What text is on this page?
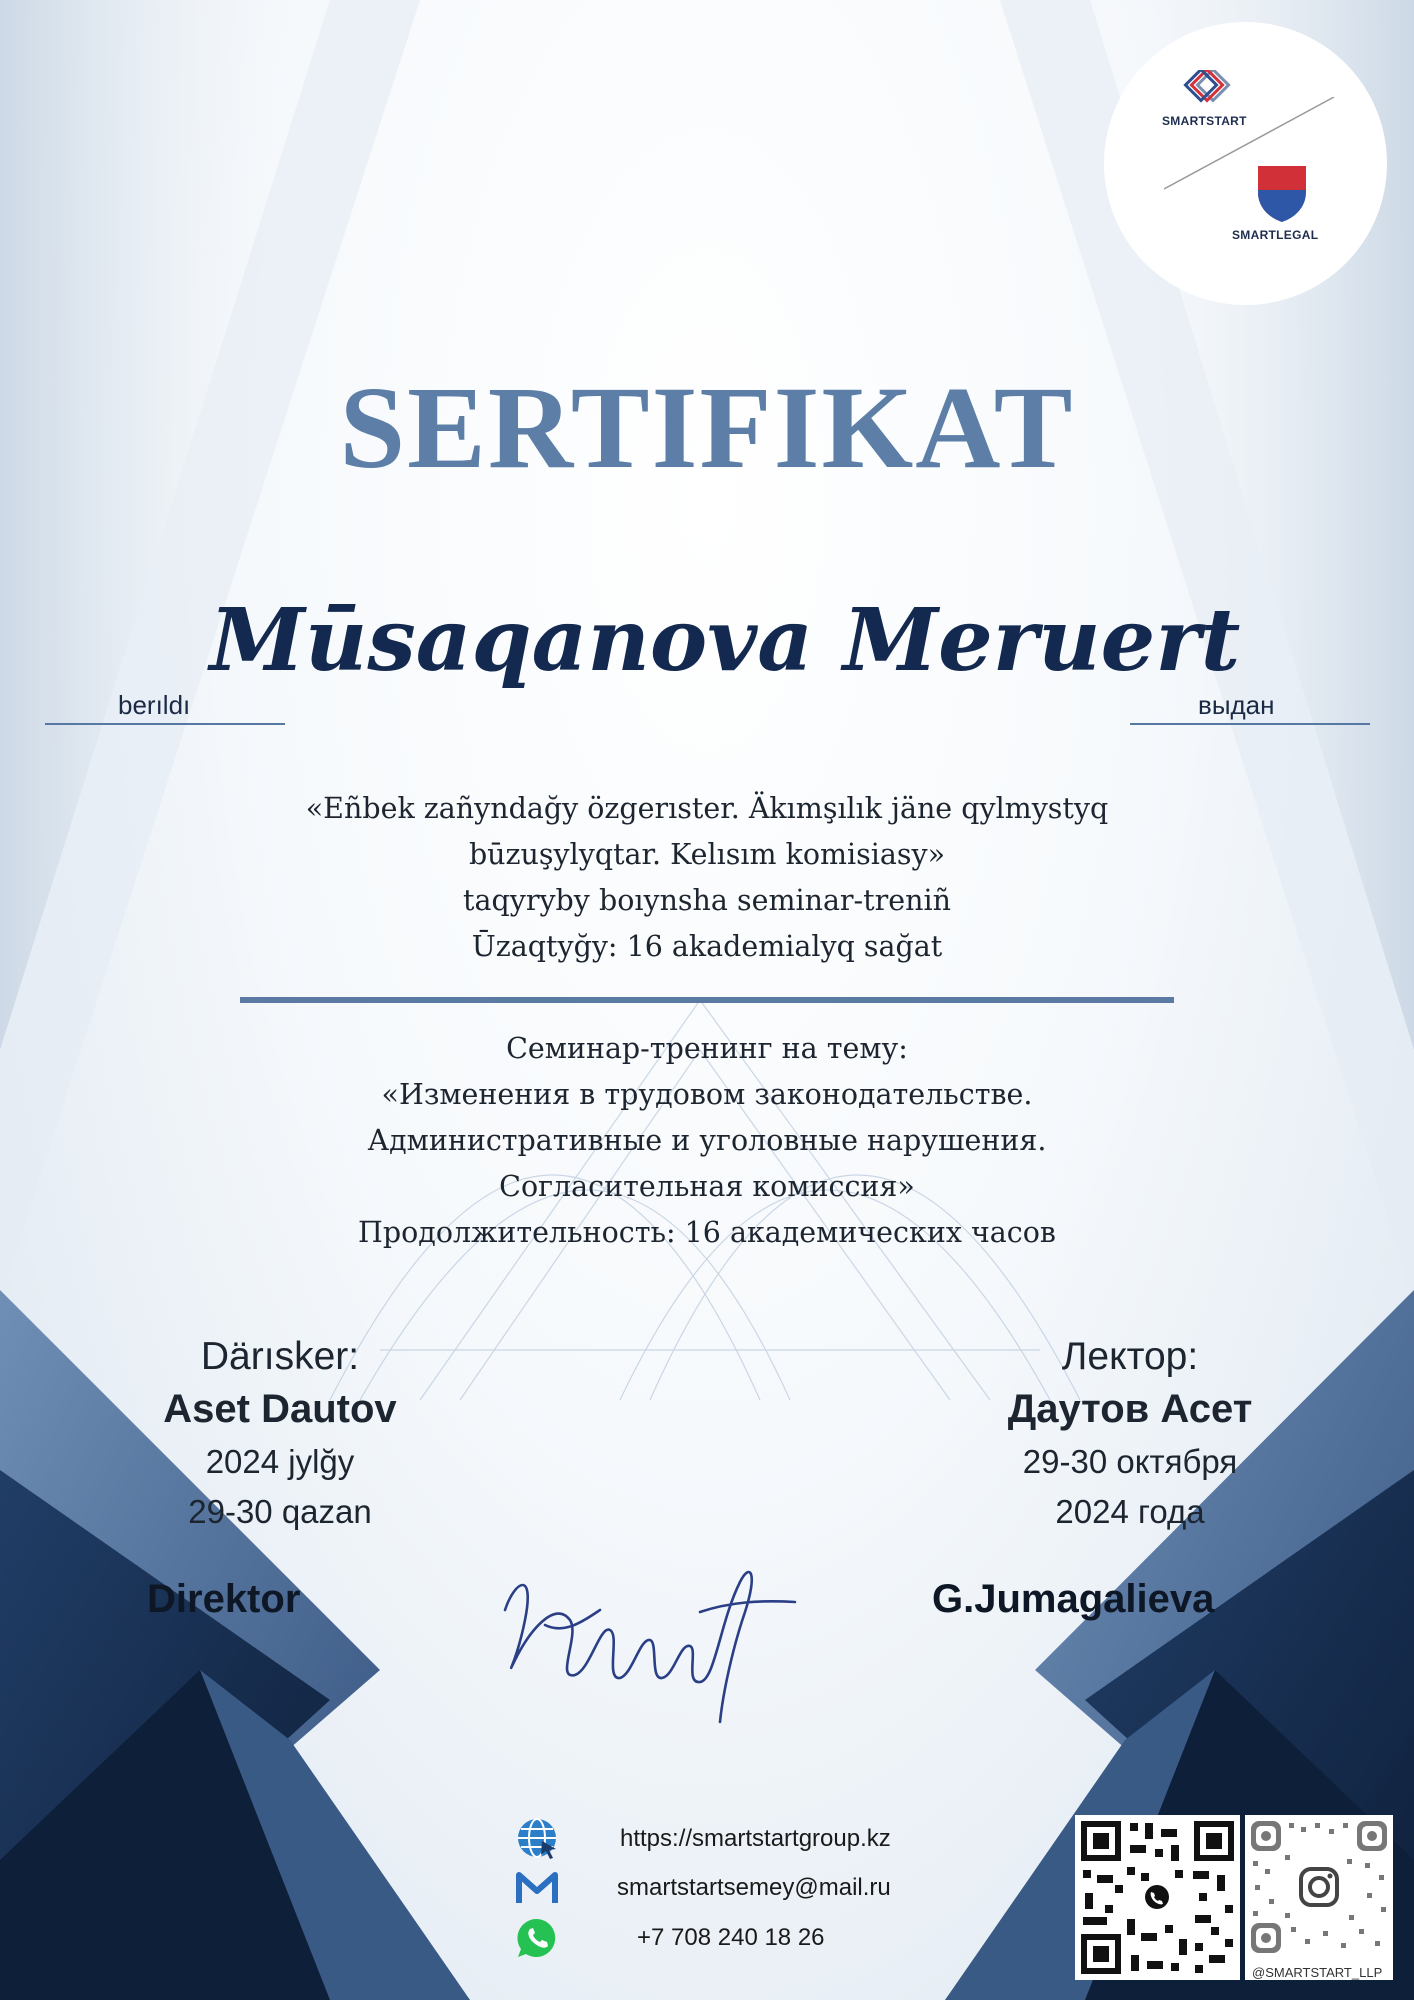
SMARTSTART
SMARTLEGAL
SERTIFIKAT
Mūsaqanova Meruert
berıldı	выдан
«Eñbek zañyndağy özgerıster. Äkımşılık jäne qylmystyq
būzuşylyqtar. Kelısım komisiasy»
taqyryby boıynsha seminar-treniñ
Ūzaqtyğy: 16 akademialyq sağat
Семинар-тренинг на тему:
«Изменения в трудовом законодательстве.
Административные и уголовные нарушения.
Согласительная комиссия»
Продолжительность: 16 академических часов
Därısker:
Aset Dautov
2024 jylğy
29-30 qazan
Лектор:
Даутов Асет
29-30 октября
2024 года
Direktor	G.Jumagalieva
https://smartstartgroup.kz
smartstartsemey@mail.ru
+7 708 240 18 26
@SMARTSTART_LLP
